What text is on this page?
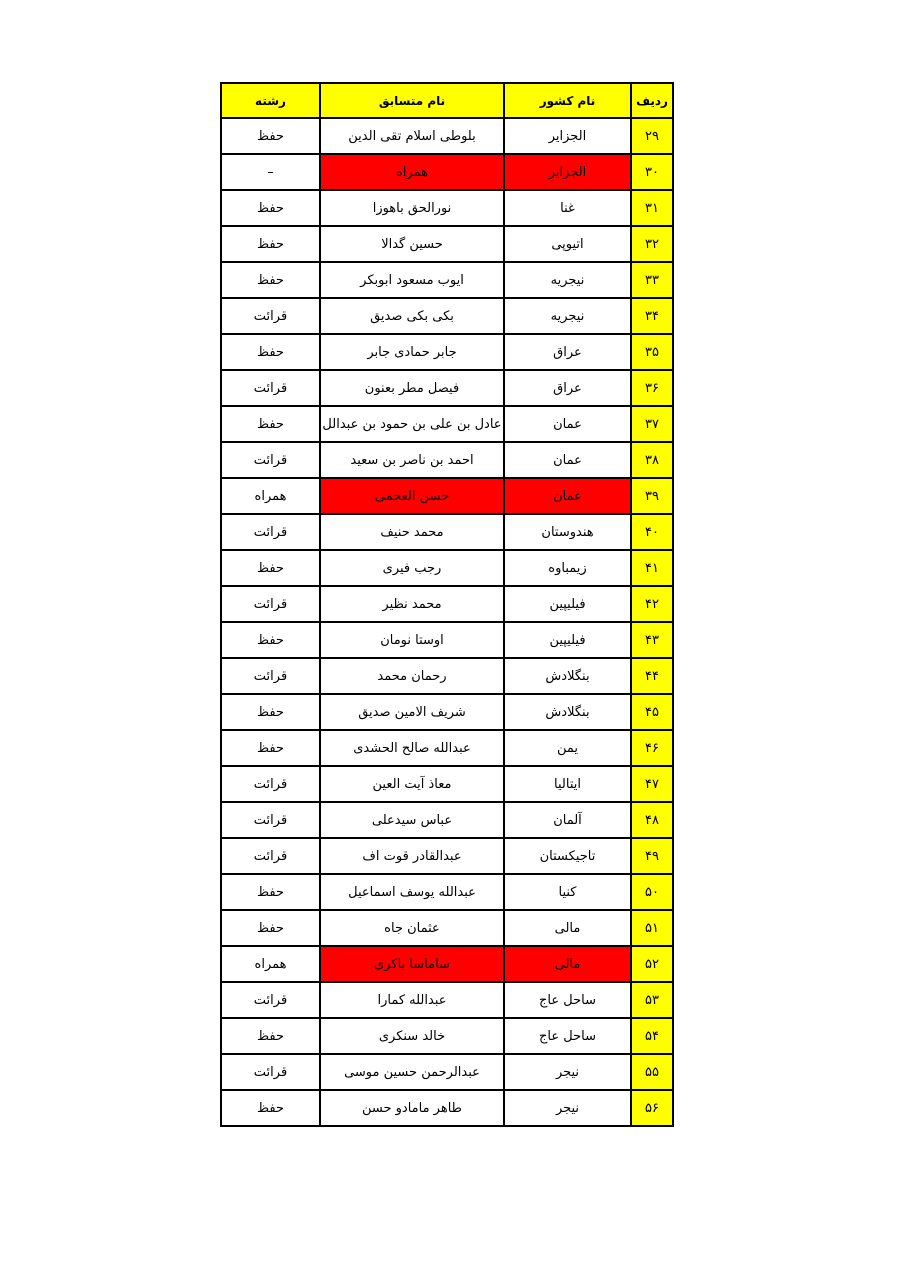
ردیف	نام کشور	نام متسابق	رشته
۲۹	الجزایر	بلوطی اسلام تقی الدین	حفظ
۳۰	الجزایر	همراه	–
۳۱	غنا	نورالحق باهوزا	حفظ
۳۲	اتیوپی	حسین گدالا	حفظ
۳۳	نیجریه	ایوب مسعود ابوبکر	حفظ
۳۴	نیجریه	بکی بکی صدیق	قرائت
۳۵	عراق	جابر حمادی جابر	حفظ
۳۶	عراق	فیصل مطر بعنون	قرائت
۳۷	عمان	عادل بن علی بن حمود بن عبدالل	حفظ
۳۸	عمان	احمد بن ناصر بن سعید	قرائت
۳۹	عمان	حسن العجمی	همراه
۴۰	هندوستان	محمد حنیف	قرائت
۴۱	زیمباوه	رجب فیری	حفظ
۴۲	فیلیپین	محمد نظیر	قرائت
۴۳	فیلیپین	اوستا نومان	حفظ
۴۴	بنگلادش	رحمان محمد	قرائت
۴۵	بنگلادش	شریف الامین صدیق	حفظ
۴۶	یمن	عبدالله صالح الحشدی	حفظ
۴۷	ایتالیا	معاذ آیت العین	قرائت
۴۸	آلمان	عباس سیدعلی	قرائت
۴۹	تاجیکستان	عبدالقادر قوت اف	قرائت
۵۰	کنیا	عبدالله یوسف اسماعیل	حفظ
۵۱	مالی	عثمان جاه	حفظ
۵۲	مالی	ساماسا باکری	همراه
۵۳	ساحل عاج	عبدالله کمارا	قرائت
۵۴	ساحل عاج	خالد سنکری	حفظ
۵۵	نیجر	عبدالرحمن حسین موسی	قرائت
۵۶	نیجر	طاهر مامادو حسن	حفظ
